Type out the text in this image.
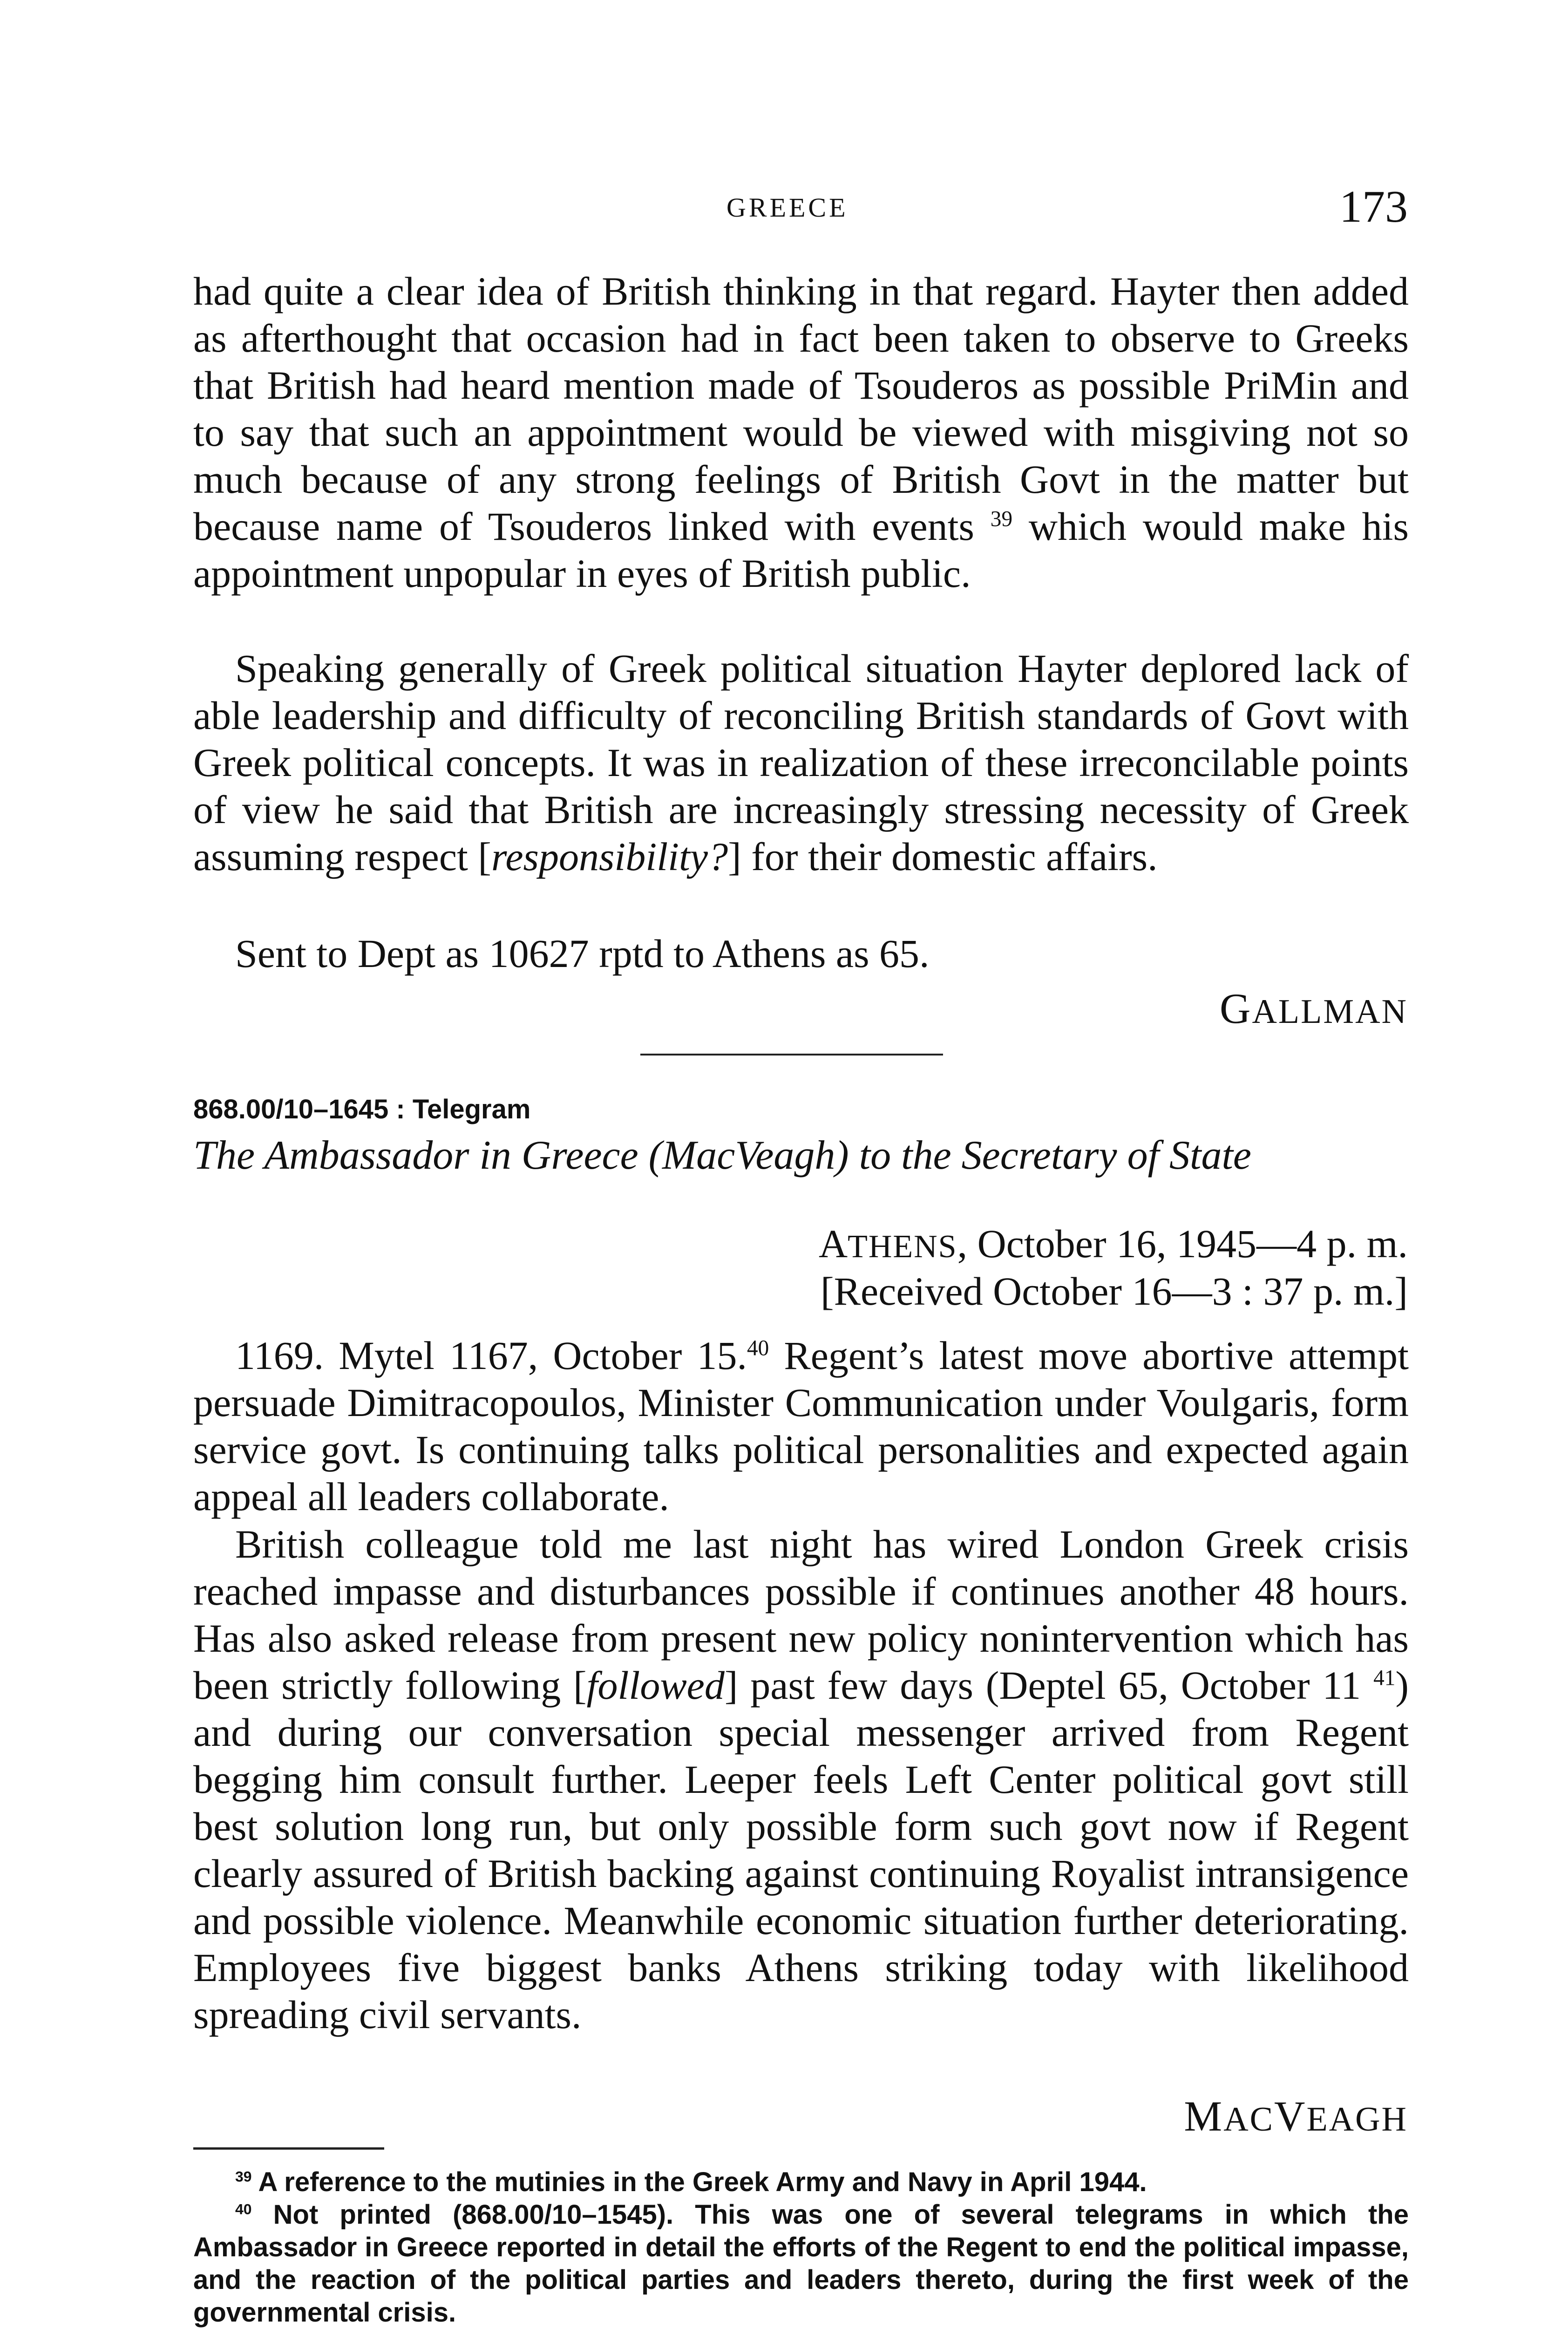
GREECE	173

had quite a clear idea of British thinking in that regard. Hayter then added as afterthought that occasion had in fact been taken to observe to Greeks that British had heard mention made of Tsouderos as possible PriMin and to say that such an appointment would be viewed with misgiving not so much because of any strong feelings of British Govt in the matter but because name of Tsouderos linked with events $^{39}$ which would make his appointment unpopular in eyes of British public.

Speaking generally of Greek political situation Hayter deplored lack of able leadership and difficulty of reconciling British standards of Govt with Greek political concepts. It was in realization of these irreconcilable points of view he said that British are increasingly stressing necessity of Greek assuming respect [responsibility?] for their domestic affairs.

Sent to Dept as 10627 rptd to Athens as 65.

GALLMAN
868.00/10–1645 : Telegram
The Ambassador in Greece (MacVeagh) to the Secretary of State
ATHENS, October 16, 1945—4 p. m.
[Received October 16—3 : 37 p. m.]

1169. Mytel 1167, October 15.40 Regent’s latest move abortive attempt persuade Dimitracopoulos, Minister Communication under Voulgaris, form service govt. Is continuing talks political personalities and expected again appeal all leaders collaborate.

British colleague told me last night has wired London Greek crisis reached impasse and disturbances possible if continues another 48 hours. Has also asked release from present new policy nonintervention which has been strictly following [followed] past few days (Deptel 65, October 11 $^{41}$) and during our conversation special messenger arrived from Regent begging him consult further. Leeper feels Left Center political govt still best solution long run, but only possible form such govt now if Regent clearly assured of British backing against continuing Royalist intransigence and possible violence. Meanwhile economic situation further deteriorating. Employees five biggest banks Athens striking today with likelihood spreading civil servants.

MACVEAGH

$^{39}$ A reference to the mutinies in the Greek Army and Navy in April 1944.

$^{40}$ Not printed (868.00/10–1545). This was one of several telegrams in which the Ambassador in Greece reported in detail the efforts of the Regent to end the political impasse, and the reaction of the political parties and leaders thereto, during the first week of the governmental crisis.
